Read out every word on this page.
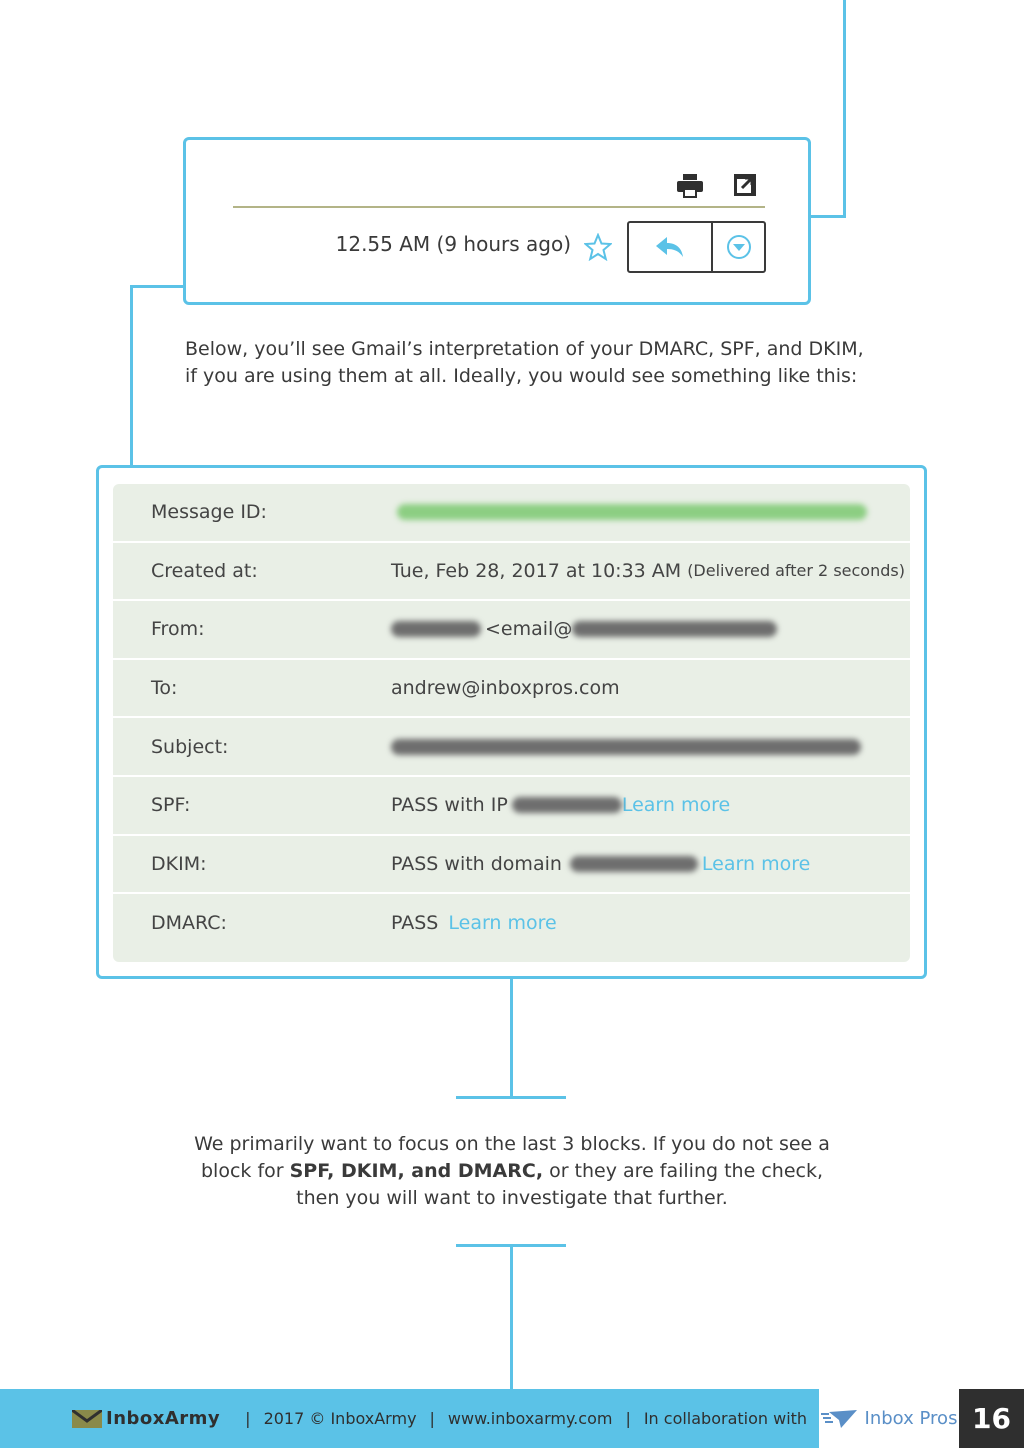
12.55 AM (9 hours ago)

Below, you’ll see Gmail’s interpretation of your DMARC, SPF, and DKIM, if you are using them at all. Ideally, you would see something like this:

Message ID:
Created at:	Tue, Feb 28, 2017 at 10:33 AM (Delivered after 2 seconds)
From:	<email@
To:	andrew@inboxpros.com
Subject:
SPF:	PASS with IP	Learn more
DKIM:	PASS with domain	Learn more
DMARC:	PASS Learn more
We primarily want to focus on the last 3 blocks. If you do not see a
block for SPF, DKIM, and DMARC, or they are failing the check,
then you will want to investigate that further.
InboxArmy | 2017 © InboxArmy | www.inboxarmy.com | In collaboration with	Inbox Pros 16
